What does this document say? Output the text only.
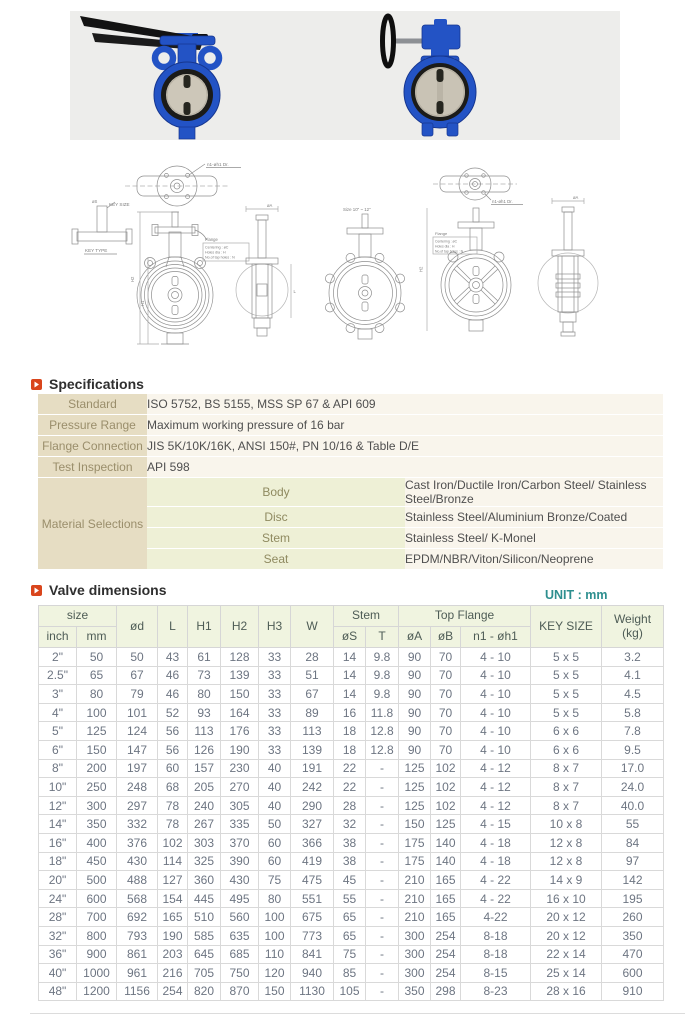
n1-øh1 Dr.
øS
KEY SIZE
KEY TYPE
H2
H1
Flange
Centering : øC
Holes dia : H
No.of tap holes : N
øA
L
Size 10" ~ 12"
n1-øh1 Dr.
H2
Flange
Centering : øC
Holes dia : H
No.of tap holes : N
øA
Specifications
Standard	ISO 5752, BS 5155, MSS SP 67 & API 609	
Pressure Range	Maximum working pressure of 16 bar	
Flange Connection	JIS 5K/10K/16K, ANSI 150#, PN 10/16 & Table D/E	
Test Inspection	API 598	
Material Selections	Body	Cast Iron/Ductile Iron/Carbon Steel/ Stainless Steel/Bronze
	Disc	Stainless Steel/Aluminium Bronze/Coated
	Stem	Stainless Steel/ K-Monel
	Seat	EPDM/NBR/Viton/Silicon/Neoprene
Valve dimensions	UNIT : mm
size		ød	L	H1	H2	H3	W	Stem		Top Flange			KEY SIZE	Weight
(kg)

inch	mm							øS	T	øA	øB	n1 - øh1		
2"	50	50	43	61	128	33	28	14	9.8	90	70	4 - 10	5 x 5	3.2
2.5"	65	67	46	73	139	33	51	14	9.8	90	70	4 - 10	5 x 5	4.1
3"	80	79	46	80	150	33	67	14	9.8	90	70	4 - 10	5 x 5	4.5
4"	100	101	52	93	164	33	89	16	11.8	90	70	4 - 10	5 x 5	5.8
5"	125	124	56	113	176	33	113	18	12.8	90	70	4 - 10	6 x 6	7.8
6"	150	147	56	126	190	33	139	18	12.8	90	70	4 - 10	6 x 6	9.5
8"	200	197	60	157	230	40	191	22	-	125	102	4 - 12	8 x 7	17.0
10"	250	248	68	205	270	40	242	22	-	125	102	4 - 12	8 x 7	24.0
12"	300	297	78	240	305	40	290	28	-	125	102	4 - 12	8 x 7	40.0
14"	350	332	78	267	335	50	327	32	-	150	125	4 - 15	10 x 8	55
16"	400	376	102	303	370	60	366	38	-	175	140	4 - 18	12 x 8	84
18"	450	430	114	325	390	60	419	38	-	175	140	4 - 18	12 x 8	97
20"	500	488	127	360	430	75	475	45	-	210	165	4 - 22	14 x 9	142
24"	600	568	154	445	495	80	551	55	-	210	165	4 - 22	16 x 10	195
28"	700	692	165	510	560	100	675	65	-	210	165	4-22	20 x 12	260
32"	800	793	190	585	635	100	773	65	-	300	254	8-18	20 x 12	350
36"	900	861	203	645	685	110	841	75	-	300	254	8-18	22 x 14	470
40"	1000	961	216	705	750	120	940	85	-	300	254	8-15	25 x 14	600
48"	1200	1156	254	820	870	150	1130	105	-	350	298	8-23	28 x 16	910
